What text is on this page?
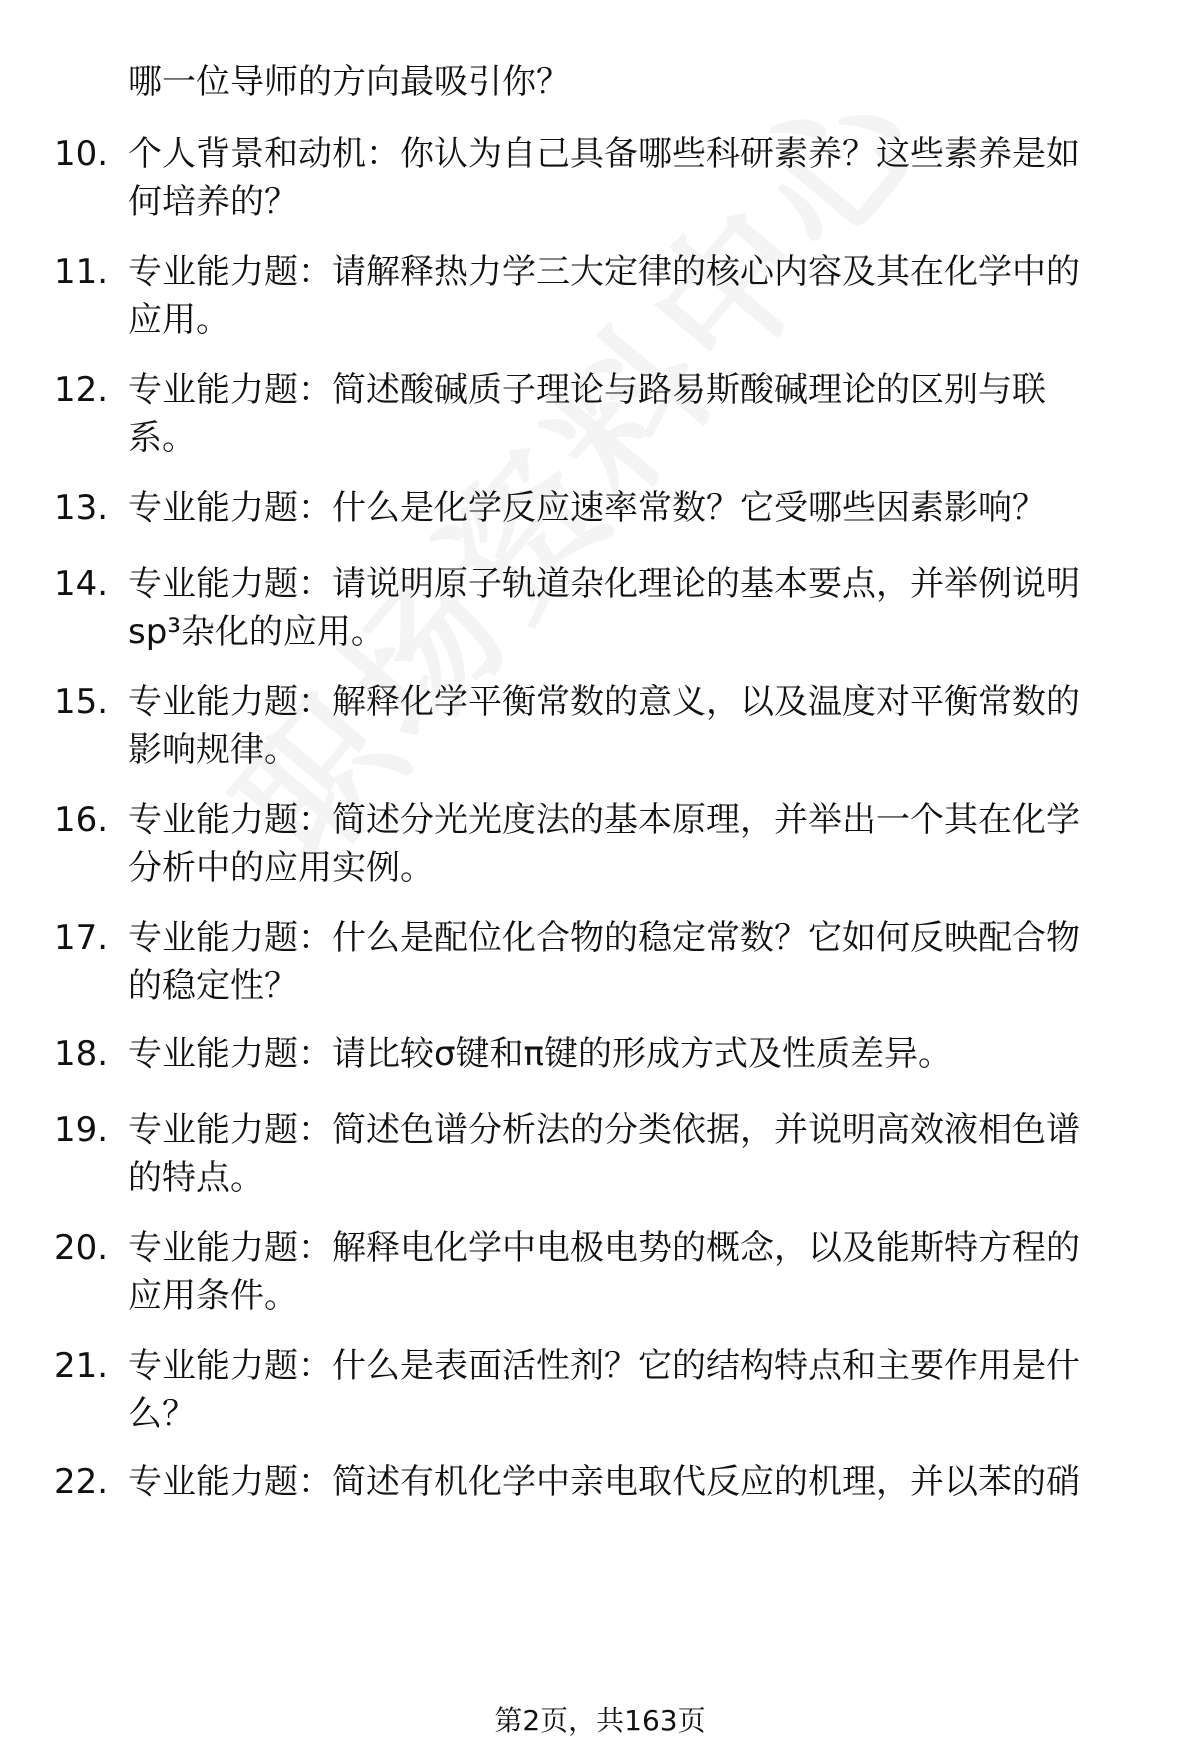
哪一位导师的方向最吸引你？
10. 个人背景和动机：你认为自己具备哪些科研素养？这些素养是如
何培养的？
11. 专业能力题：请解释热力学三大定律的核心内容及其在化学中的
应用。
12. 专业能力题：简述酸碱质子理论与路易斯酸碱理论的区别与联
系。
13. 专业能力题：什么是化学反应速率常数？它受哪些因素影响？
14. 专业能力题：请说明原子轨道杂化理论的基本要点，并举例说明
sp³杂化的应用。
15. 专业能力题：解释化学平衡常数的意义，以及温度对平衡常数的
影响规律。
16. 专业能力题：简述分光光度法的基本原理，并举出一个其在化学
分析中的应用实例。
17. 专业能力题：什么是配位化合物的稳定常数？它如何反映配合物
的稳定性？
18. 专业能力题：请比较σ键和π键的形成方式及性质差异。
19. 专业能力题：简述色谱分析法的分类依据，并说明高效液相色谱
的特点。
20. 专业能力题：解释电化学中电极电势的概念，以及能斯特方程的
应用条件。
21. 专业能力题：什么是表面活性剂？它的结构特点和主要作用是什
么？
22. 专业能力题：简述有机化学中亲电取代反应的机理，并以苯的硝
第2页，共163页
